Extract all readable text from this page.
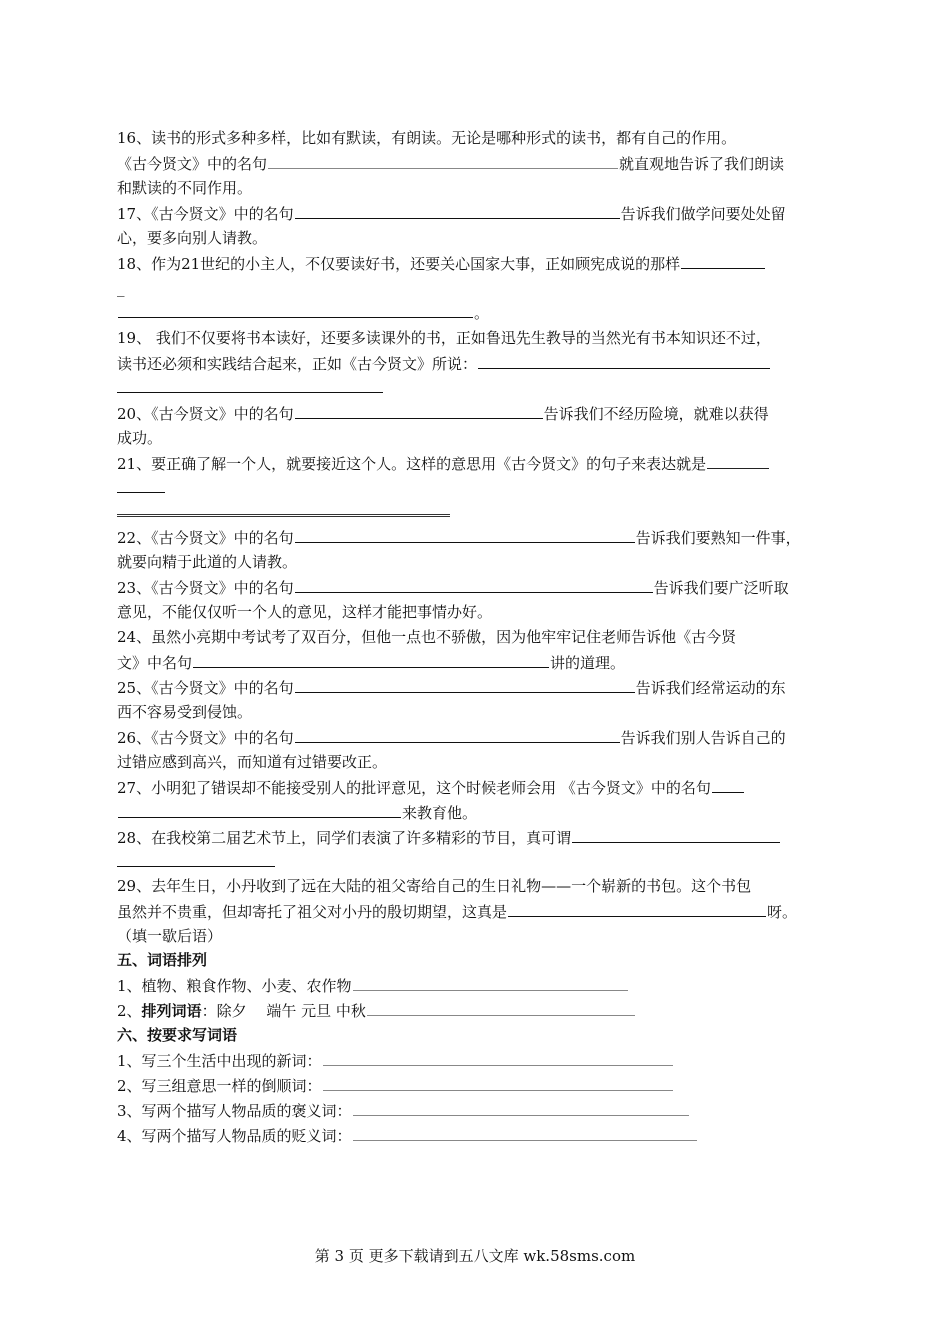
16、读书的形式多种多样，比如有默读，有朗读。无论是哪种形式的读书，都有自己的作用。
《古今贤文》中的名句	就直观地告诉了我们朗读
和默读的不同作用。
17、《古今贤文》中的名句	告诉我们做学问要处处留
心，要多向别人请教。
18、作为21世纪的小主人，不仅要读好书，还要关心国家大事，正如顾宪成说的那样
_
。
19、 我们不仅要将书本读好，还要多读课外的书，正如鲁迅先生教导的当然光有书本知识还不过，
读书还必须和实践结合起来，正如《古今贤文》所说：
20、《古今贤文》中的名句	告诉我们不经历险境，就难以获得
成功。
21、要正确了解一个人，就要接近这个人。这样的意思用《古今贤文》的句子来表达就是
22、《古今贤文》中的名句	告诉我们要熟知一件事，
就要向精于此道的人请教。
23、《古今贤文》中的名句	告诉我们要广泛听取
意见，不能仅仅听一个人的意见，这样才能把事情办好。
24、虽然小亮期中考试考了双百分，但他一点也不骄傲，因为他牢牢记住老师告诉他《古今贤
文》中名句	讲的道理。
25、《古今贤文》中的名句	告诉我们经常运动的东
西不容易受到侵蚀。
26、《古今贤文》中的名句	告诉我们别人告诉自己的
过错应感到高兴，而知道有过错要改正。
27、小明犯了错误却不能接受别人的批评意见，这个时候老师会用 《古今贤文》中的名句
来教育他。
28、在我校第二届艺术节上，同学们表演了许多精彩的节目，真可谓
29、去年生日，小丹收到了远在大陆的祖父寄给自己的生日礼物——一个崭新的书包。这个书包
虽然并不贵重，但却寄托了祖父对小丹的殷切期望，这真是	呀。
（填一歇后语）
五、词语排列
1、植物、粮食作物、小麦、农作物
2、排列词语：除夕　 端午 元旦 中秋
六、按要求写词语
1、写三个生活中出现的新词：
2、写三组意思一样的倒顺词：
3、写两个描写人物品质的褒义词：
4、写两个描写人物品质的贬义词：
第 3 页 更多下载请到五八文库 wk.58sms.com
